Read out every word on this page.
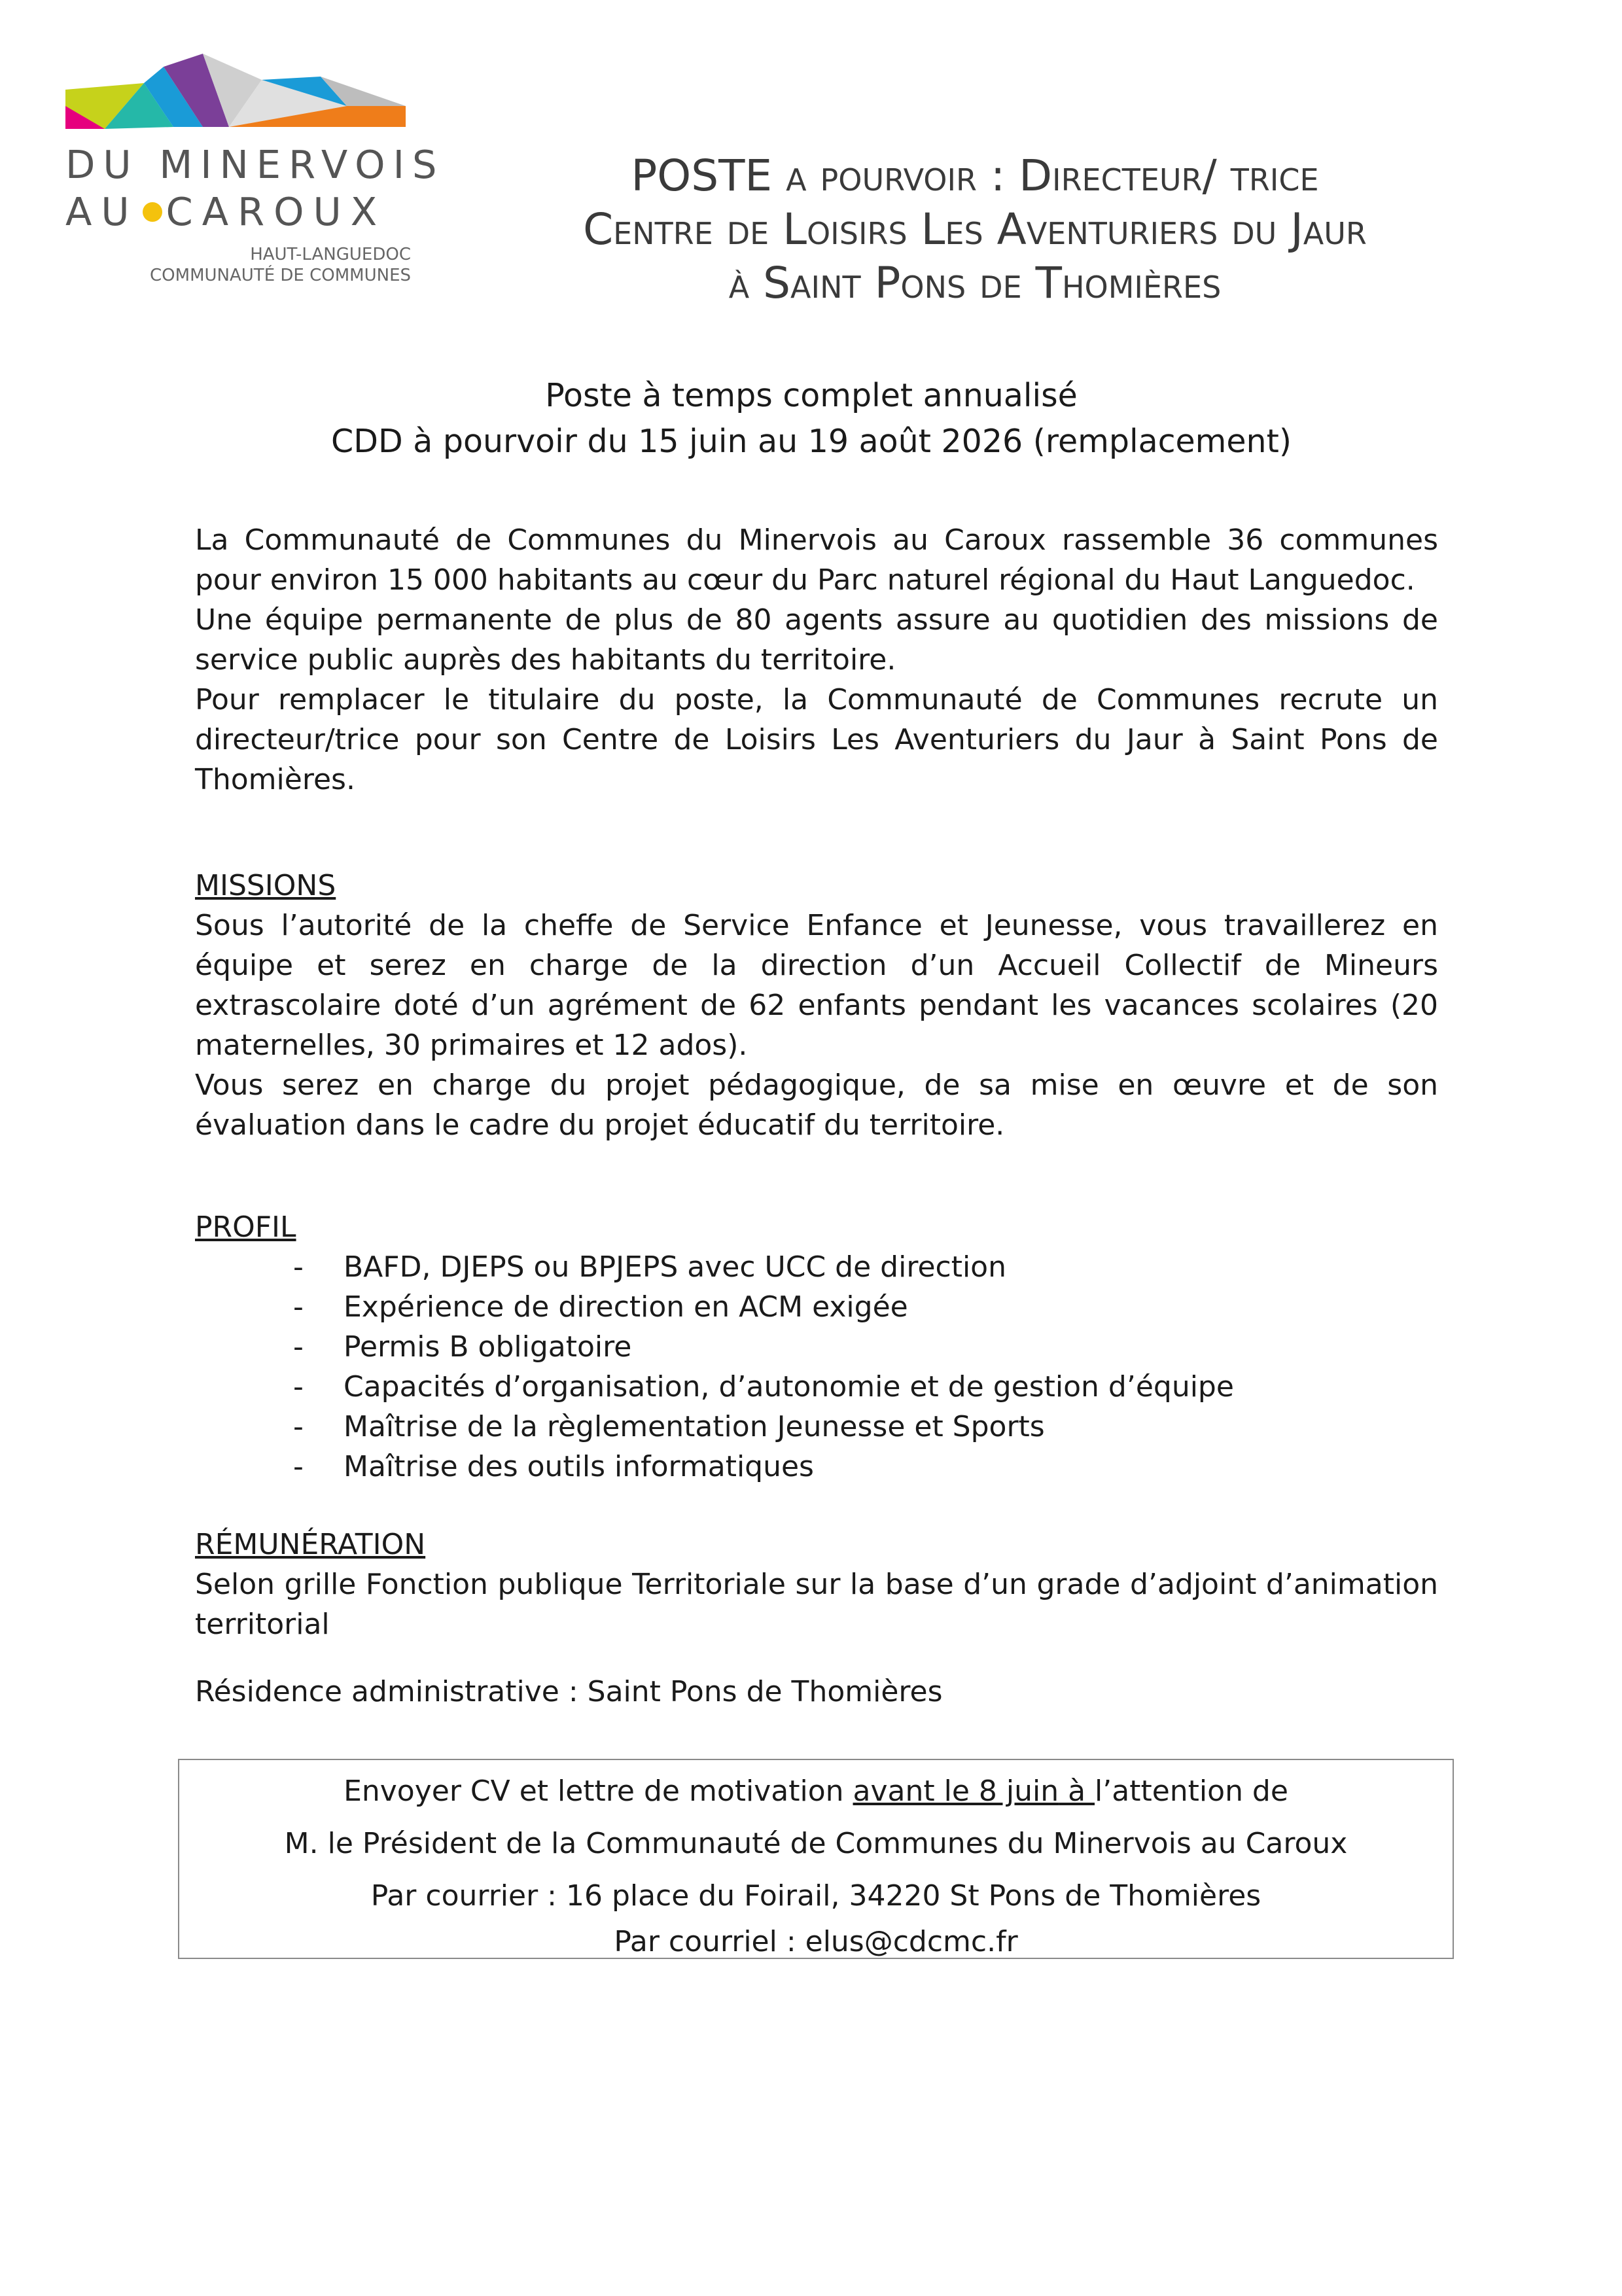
DU MINERVOIS
AU CAROUX
HAUT-LANGUEDOC
COMMUNAUTÉ DE COMMUNES
POSTE a pourvoir : Directeur/ trice
Centre de Loisirs Les Aventuriers du Jaur
à Saint Pons de Thomières
Poste à temps complet annualisé
CDD à pourvoir du 15 juin au 19 août 2026 (remplacement)
La Communauté de Communes du Minervois au Caroux rassemble 36 communes pour environ 15 000 habitants au cœur du Parc naturel régional du Haut Languedoc.
Une équipe permanente de plus de 80 agents assure au quotidien des missions de service public auprès des habitants du territoire.
Pour remplacer le titulaire du poste, la Communauté de Communes recrute un directeur/trice pour son Centre de Loisirs Les Aventuriers du Jaur à Saint Pons de Thomières.
MISSIONS
Sous l’autorité de la cheffe de Service Enfance et Jeunesse, vous travaillerez en équipe et serez en charge de la direction d’un Accueil Collectif de Mineurs extrascolaire doté d’un agrément de 62 enfants pendant les vacances scolaires (20 maternelles, 30 primaires et 12 ados).
Vous serez en charge du projet pédagogique, de sa mise en œuvre et de son évaluation dans le cadre du projet éducatif du territoire.
PROFIL
- BAFD, DJEPS ou BPJEPS avec UCC de direction
- Expérience de direction en ACM exigée
- Permis B obligatoire
- Capacités d’organisation, d’autonomie et de gestion d’équipe
- Maîtrise de la règlementation Jeunesse et Sports
- Maîtrise des outils informatiques
RÉMUNÉRATION
Selon grille Fonction publique Territoriale sur la base d’un grade d’adjoint d’animation territorial
Résidence administrative : Saint Pons de Thomières
Envoyer CV et lettre de motivation avant le 8 juin à l’attention de
M. le Président de la Communauté de Communes du Minervois au Caroux
Par courrier : 16 place du Foirail, 34220 St Pons de Thomières
Par courriel : elus@cdcmc.fr
